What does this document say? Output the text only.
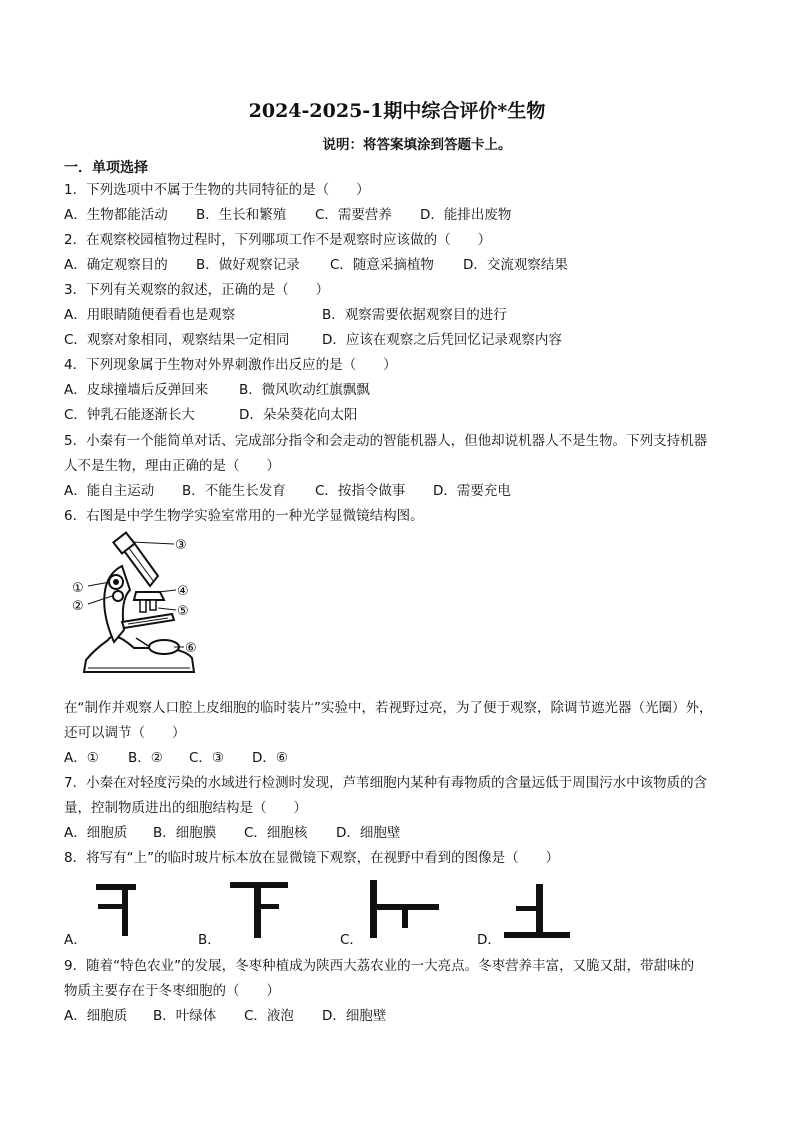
2024-2025-1期中综合评价*生物
说明：将答案填涂到答题卡上。
一．单项选择
1．下列选项中不属于生物的共同特征的是（　　）
A．生物都能活动 B．生长和繁殖 C．需要营养 D．能排出废物
2．在观察校园植物过程时，下列哪项工作不是观察时应该做的（　　）
A．确定观察目的 B．做好观察记录 C．随意采摘植物 D．交流观察结果
3．下列有关观察的叙述，正确的是（　　）
A．用眼睛随便看看也是观察	B．观察需要依据观察目的进行
C．观察对象相同，观察结果一定相同 D．应该在观察之后凭回忆记录观察内容
4．下列现象属于生物对外界刺激作出反应的是（　　）
A．皮球撞墙后反弹回来 B．微风吹动红旗飘飘
C．钟乳石能逐渐长大	D．朵朵葵花向太阳
5．小秦有一个能简单对话、完成部分指令和会走动的智能机器人，但他却说机器人不是生物。下列支持机器
人不是生物，理由正确的是（　　）
A．能自主运动 B．不能生长发育 C．按指令做事 D．需要充电
6．右图是中学生物学实验室常用的一种光学显微镜结构图。
①
②
③
④
⑤
⑥
在“制作并观察人口腔上皮细胞的临时装片”实验中，若视野过亮，为了便于观察，除调节遮光器（光圈）外，
还可以调节（　　）
A．① B．② C．③ D．⑥
7．小秦在对轻度污染的水域进行检测时发现，芦苇细胞内某种有毒物质的含量远低于周围污水中该物质的含
量，控制物质进出的细胞结构是（　　）
A．细胞质 B．细胞膜 C．细胞核 D．细胞壁
8．将写有“上”的临时玻片标本放在显微镜下观察，在视野中看到的图像是（　　）
A．	B．	C．	D．
9．随着“特色农业”的发展，冬枣种植成为陕西大荔农业的一大亮点。冬枣营养丰富，又脆又甜，带甜味的
物质主要存在于冬枣细胞的（　　）
A．细胞质 B．叶绿体 C．液泡 D．细胞壁
